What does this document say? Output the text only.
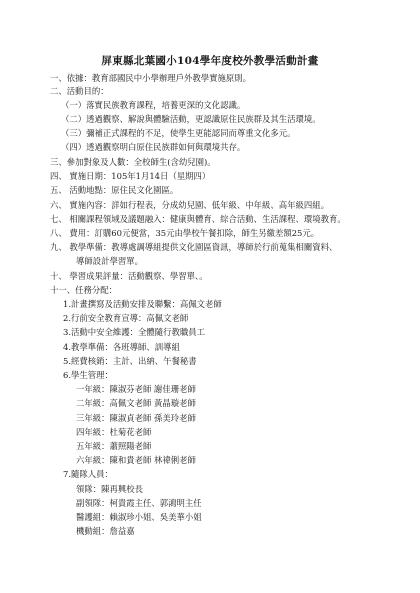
屏東縣北葉國小104學年度校外教學活動計畫
一、依據：教育部國民中小學辦理戶外教學實施原則。
二、活動目的：
（一）落實民族教育課程，培養更深的文化認識。
（二）透過觀察、解說與體驗活動，更認識原住民族群及其生活環境。
（三）彌補正式課程的不足，使學生更能認同而尊重文化多元。
（四）透過觀察明白原住民族群如何與環境共存。
三、參加對象及人數：全校師生(含幼兒園)。
四、 實施日期：105年1月14日（星期四）
五、 活動地點：原住民文化園區。
六、 實施內容：詳如行程表，分成幼兒園、低年級、中年級、高年級四組。
七、 相關課程領域及議題融入：健康與體育、綜合活動、生活課程、環境教育。
八、 費用：訂購60元便當，35元由學校午餐扣除，師生另繳差額25元。
九、 教學準備：教導處調導組提供文化園區資訊，導師於行前蒐集相關資料、
導師設計學習單。
十、 學習成果評量：活動觀察、學習單、。
十一、任務分配：
1.計畫撰寫及活動安排及聯繫：高佩文老師
2.行前安全教育宣導：高佩文老師
3.活動中安全維護：全體隨行教職員工
4.教學準備：各班導師、訓導組
5.經費核銷：主計、出納、午餐秘書
6.學生管理：
一年級：陳淑芬老師 謝佳珊老師
二年級：高佩文老師 黃晶璇老師
三年級：陳淑貞老師 孫美玲老師
四年級：杜菊花老師
五年級：蕭照陽老師
六年級：陳和貴老師 林禕俐老師
7.隨隊人員：
領隊：陳再興校長
副領隊：柯貴霞主任、郭鴻明主任
醫護組：賴淑珍小姐、吳美華小姐
機動組：詹益嘉
